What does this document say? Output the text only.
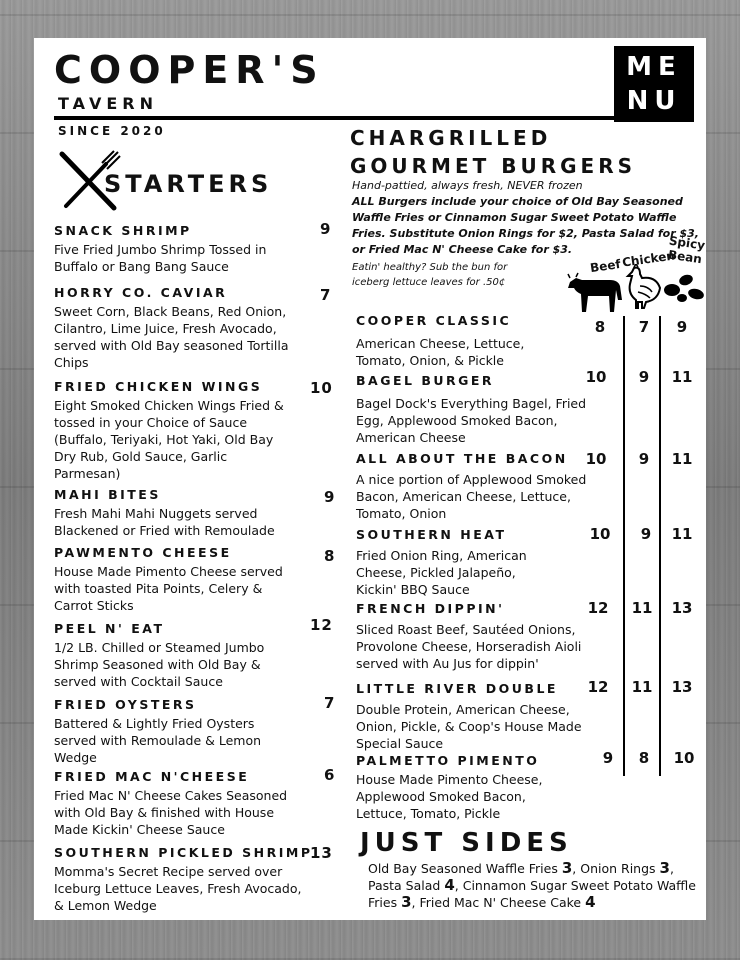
COOPER'S
TAVERN
ME
NU
SINCE 2020
STARTERS
SNACK SHRIMP
Five Fried Jumbo Shrimp Tossed in Buffalo or Bang Bang Sauce
9
HORRY CO. CAVIAR
Sweet Corn, Black Beans, Red Onion, Cilantro, Lime Juice, Fresh Avocado, served with Old Bay seasoned Tortilla Chips
7
FRIED CHICKEN WINGS
Eight Smoked Chicken Wings Fried & tossed in your Choice of Sauce (Buffalo, Teriyaki, Hot Yaki, Old Bay Dry Rub, Gold Sauce, Garlic Parmesan)
10
MAHI BITES
Fresh Mahi Mahi Nuggets served Blackened or Fried with Remoulade
9
PAWMENTO CHEESE
House Made Pimento Cheese served with toasted Pita Points, Celery & Carrot Sticks
8
PEEL N' EAT
1/2 LB. Chilled or Steamed Jumbo Shrimp Seasoned with Old Bay & served with Cocktail Sauce
12
FRIED OYSTERS
Battered & Lightly Fried Oysters served with Remoulade & Lemon Wedge
7
FRIED MAC N'CHEESE
Fried Mac N' Cheese Cakes Seasoned with Old Bay & finished with House Made Kickin' Cheese Sauce
6
SOUTHERN PICKLED SHRIMP
Momma's Secret Recipe served over Iceburg Lettuce Leaves, Fresh Avocado, & Lemon Wedge
13
CHARGRILLED
GOURMET BURGERS
Hand-pattied, always fresh, NEVER frozen
ALL Burgers include your choice of Old Bay Seasoned Waffle Fries or Cinnamon Sugar Sweet Potato Waffle Fries. Substitute Onion Rings for $2, Pasta Salad for $3, or Fried Mac N' Cheese Cake for $3.
Eatin' healthy? Sub the bun for iceberg lettuce leaves for .50¢
Beef Chicken
Spicy Bean
COOPER CLASSIC
American Cheese, Lettuce, Tomato, Onion, & Pickle
8	7	9
BAGEL BURGER
Bagel Dock's Everything Bagel, Fried Egg, Applewood Smoked Bacon, American Cheese
10	9	11
ALL ABOUT THE BACON
A nice portion of Applewood Smoked Bacon, American Cheese, Lettuce, Tomato, Onion
10	9	11
SOUTHERN HEAT
Fried Onion Ring, American Cheese, Pickled Jalapeño, Kickin' BBQ Sauce
10	9	11
FRENCH DIPPIN'
Sliced Roast Beef, Sautéed Onions, Provolone Cheese, Horseradish Aioli served with Au Jus for dippin'
12	11	13
LITTLE RIVER DOUBLE
Double Protein, American Cheese, Onion, Pickle, & Coop's House Made Special Sauce
12	11	13
PALMETTO PIMENTO
House Made Pimento Cheese, Applewood Smoked Bacon, Lettuce, Tomato, Pickle
9	8	10
JUST SIDES
Old Bay Seasoned Waffle Fries 3, Onion Rings 3, Pasta Salad 4, Cinnamon Sugar Sweet Potato Waffle Fries 3, Fried Mac N' Cheese Cake 4
